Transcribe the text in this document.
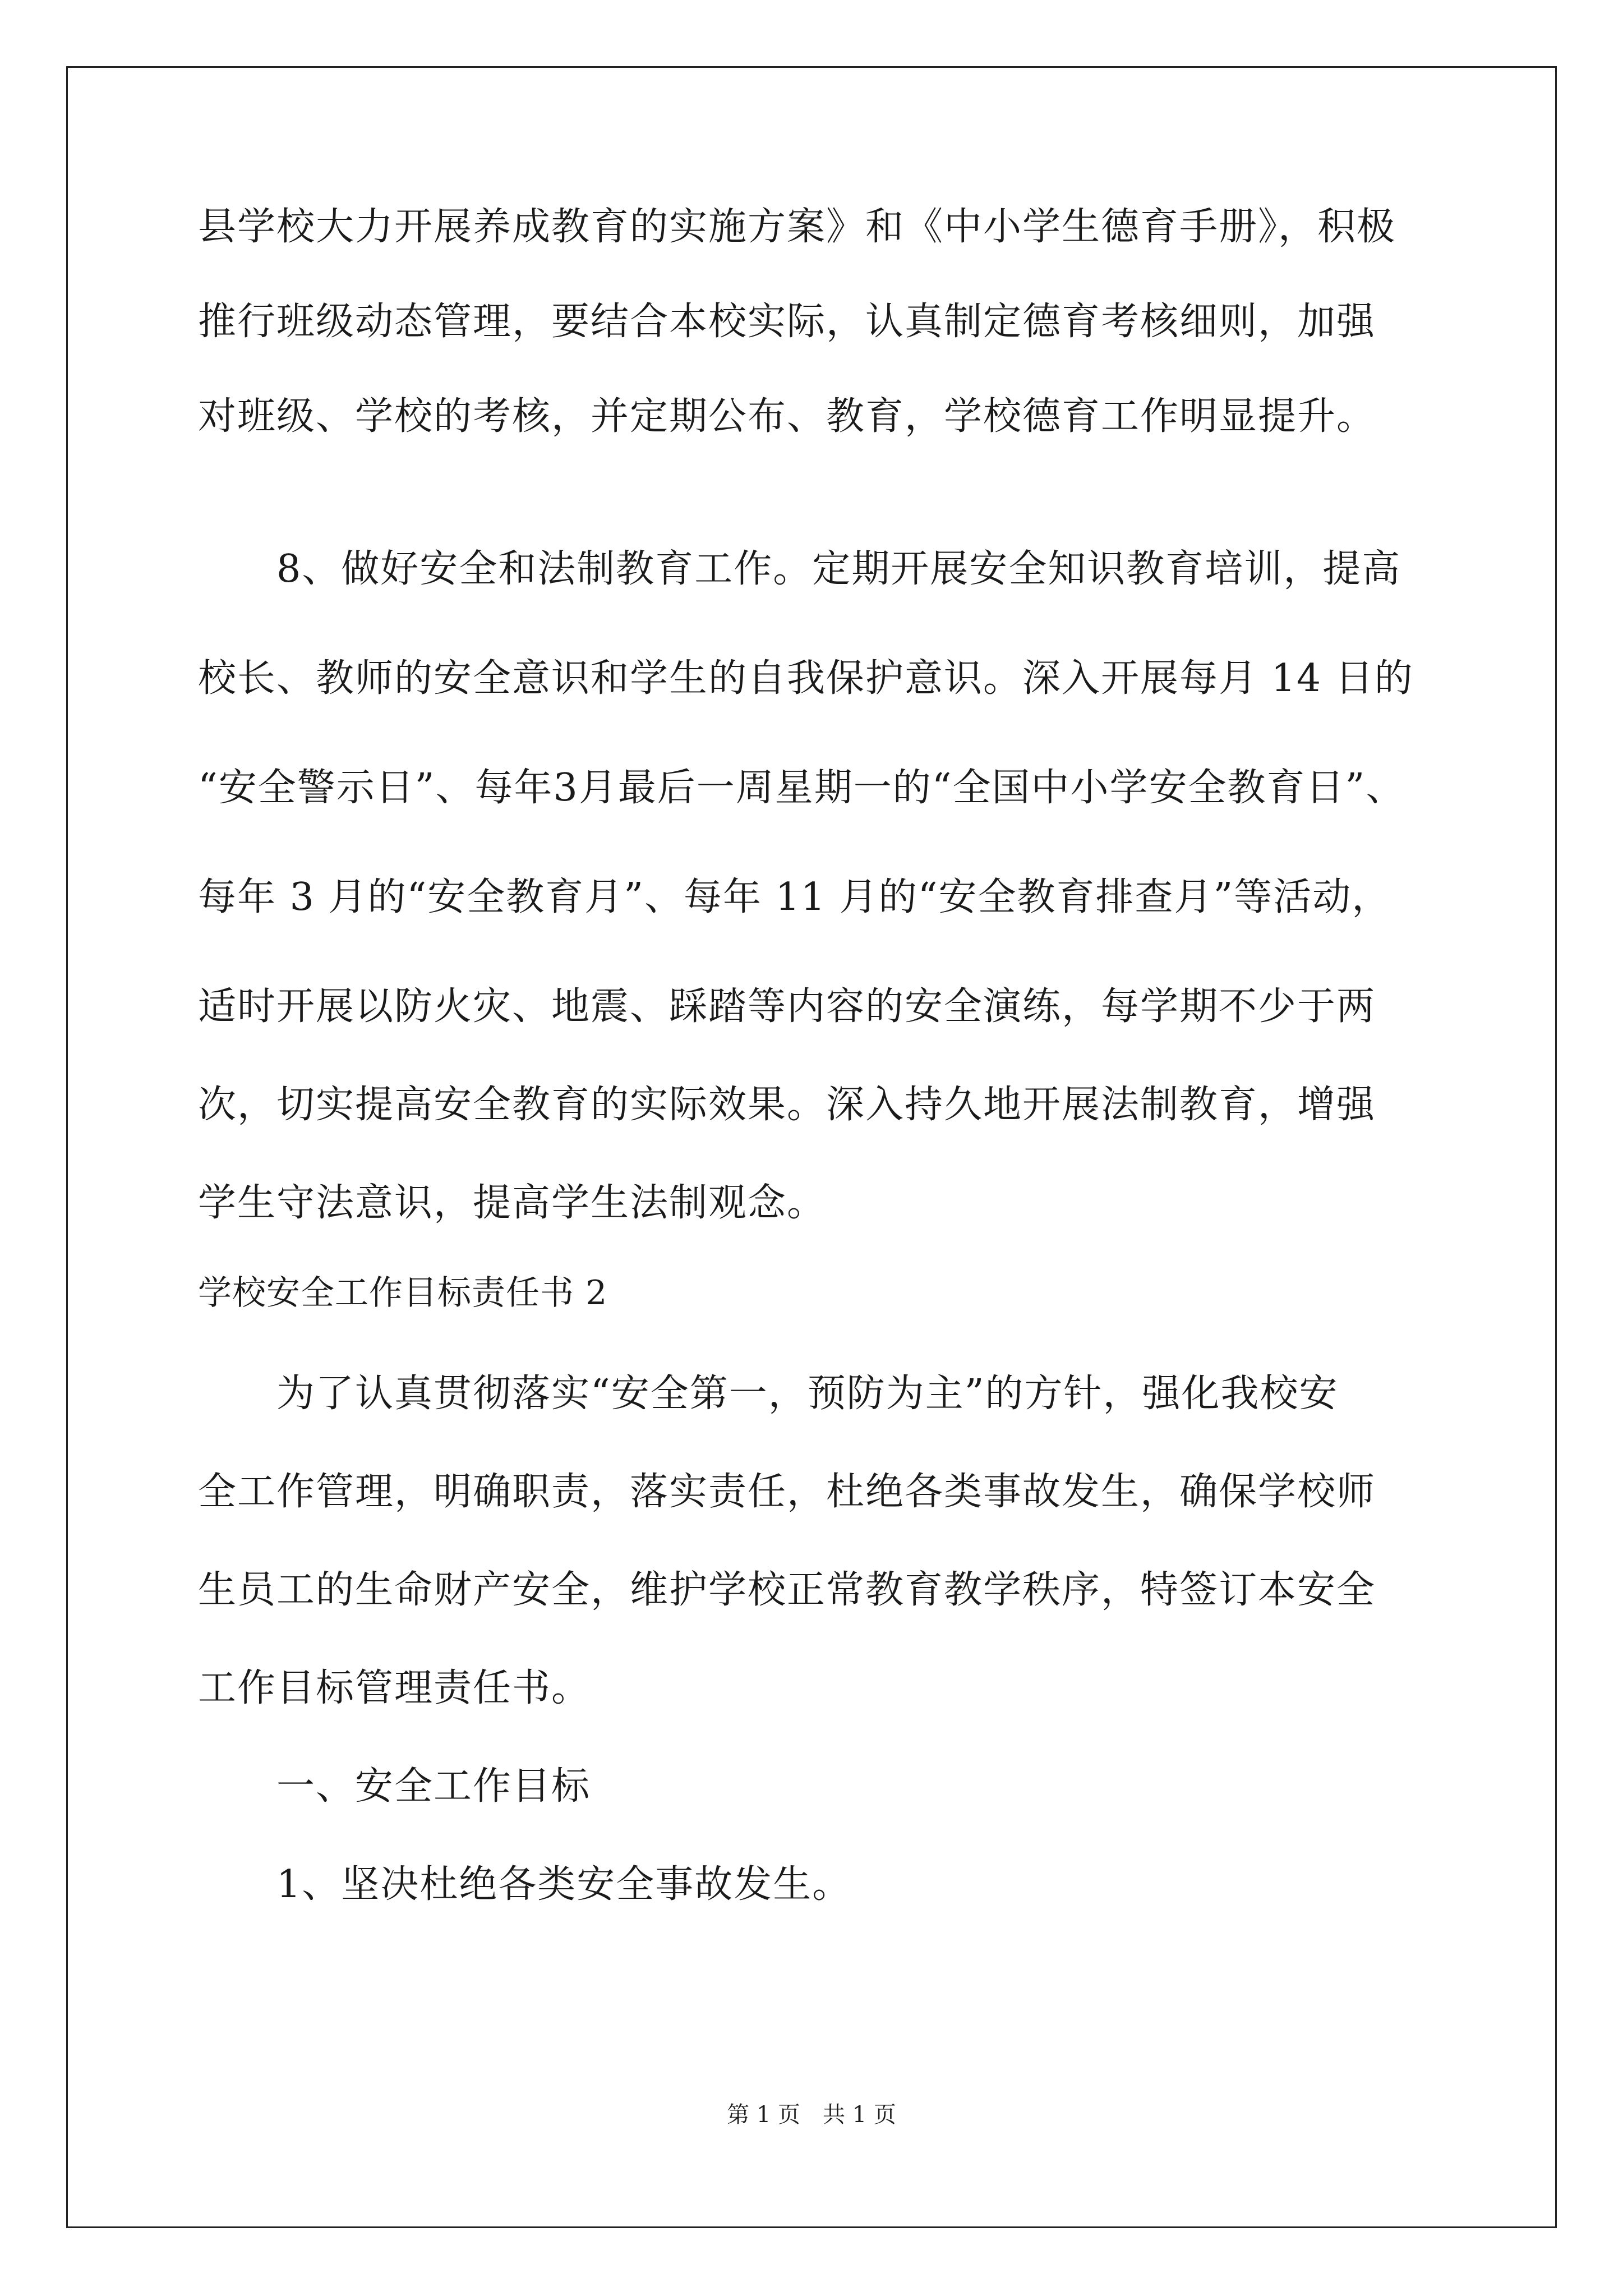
县学校大力开展养成教育的实施方案》和《中小学生德育手册》，积极
推行班级动态管理，要结合本校实际，认真制定德育考核细则，加强
对班级、学校的考核，并定期公布、教育，学校德育工作明显提升。
8、做好安全和法制教育工作。定期开展安全知识教育培训，提高
校长、教师的安全意识和学生的自我保护意识。深入开展每月 14 日的
“安全警示日”、每年3月最后一周星期一的“全国中小学安全教育日”、
每年 3 月的“安全教育月”、每年 11 月的“安全教育排查月”等活动，
适时开展以防火灾、地震、踩踏等内容的安全演练，每学期不少于两
次，切实提高安全教育的实际效果。深入持久地开展法制教育，增强
学生守法意识，提高学生法制观念。
学校安全工作目标责任书 2
为了认真贯彻落实“安全第一，预防为主”的方针，强化我校安
全工作管理，明确职责，落实责任，杜绝各类事故发生，确保学校师
生员工的生命财产安全，维护学校正常教育教学秩序，特签订本安全
工作目标管理责任书。
一、安全工作目标
1、坚决杜绝各类安全事故发生。
第 1 页　共 1 页
